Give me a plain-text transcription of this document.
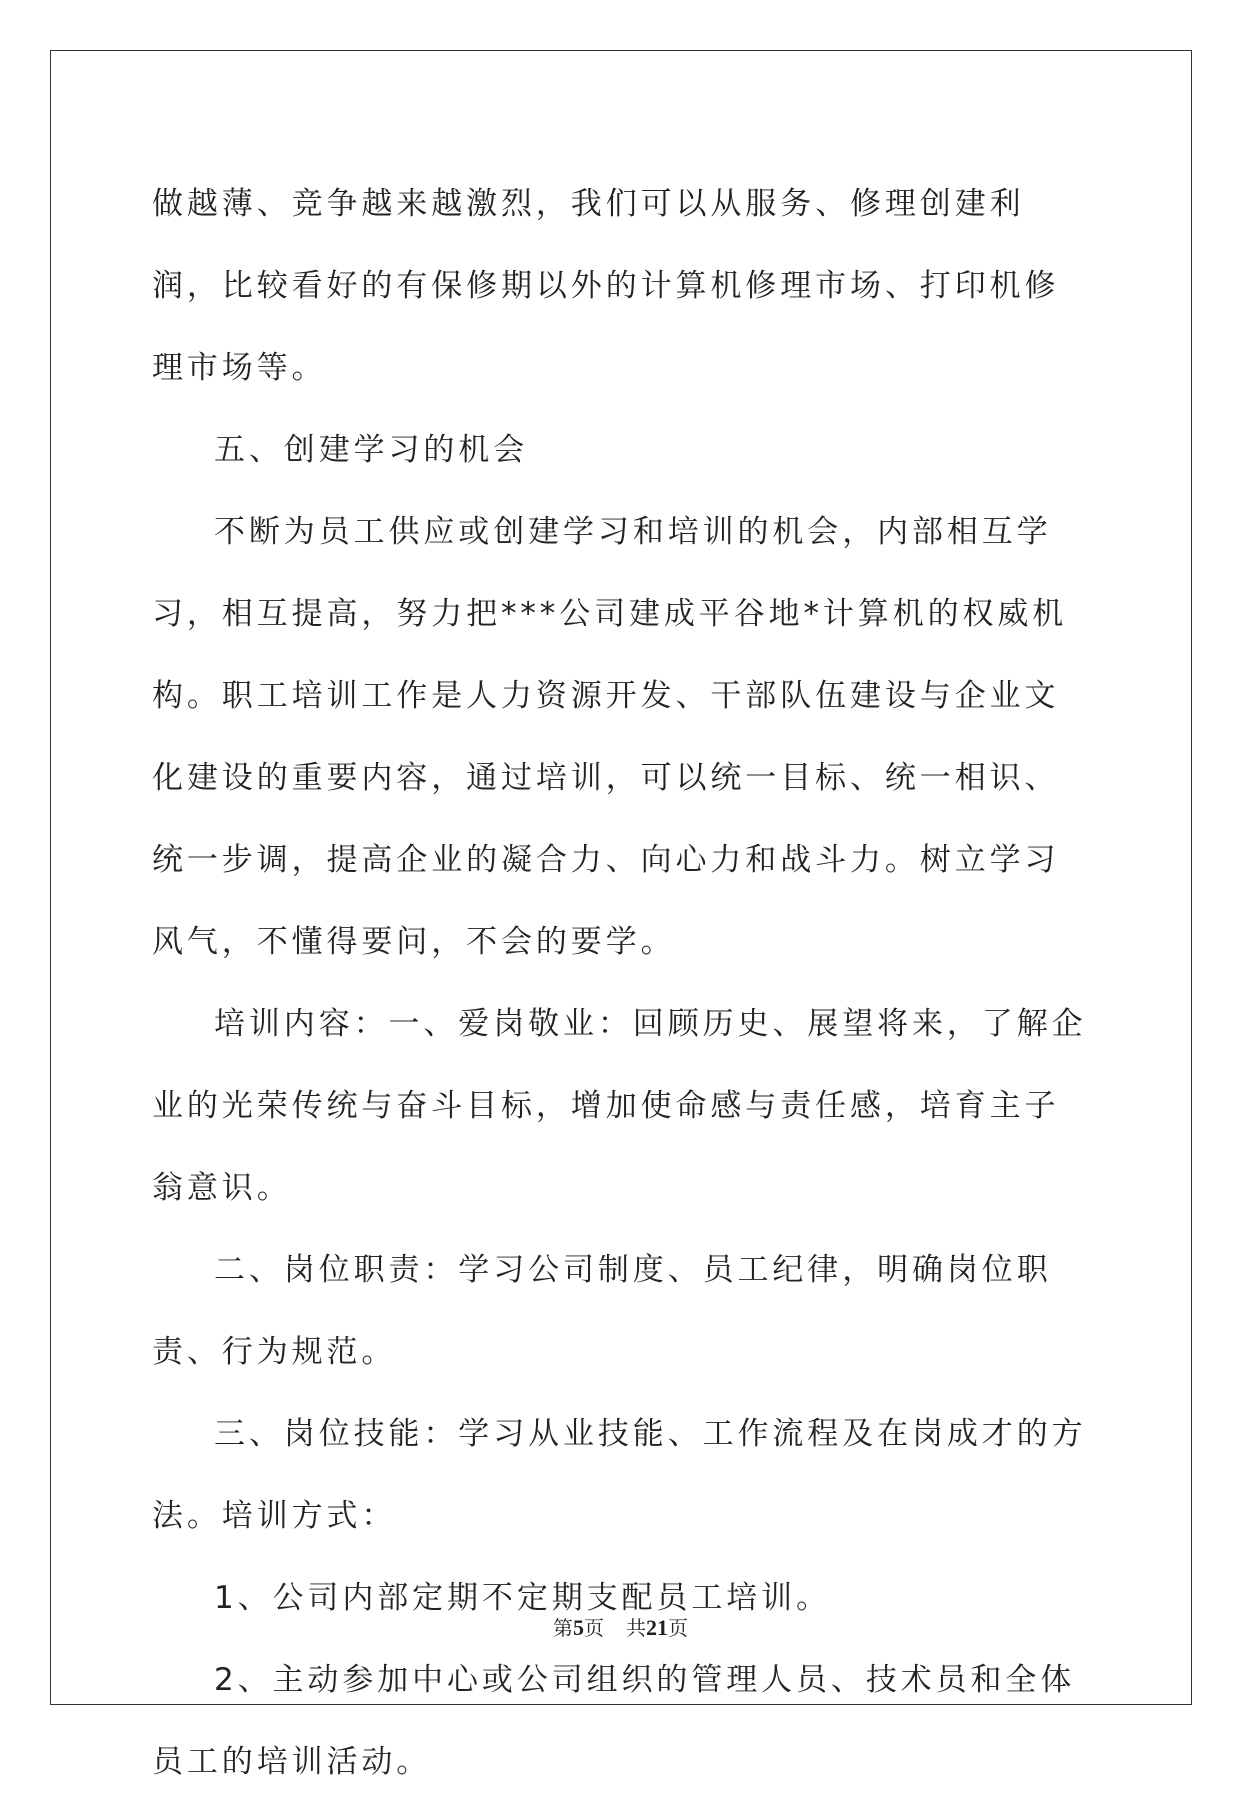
做越薄、竞争越来越激烈，我们可以从服务、修理创建利润，比较看好的有保修期以外的计算机修理市场、打印机修理市场等。

五、创建学习的机会

不断为员工供应或创建学习和培训的机会，内部相互学习，相互提高，努力把***公司建成平谷地*计算机的权威机构。职工培训工作是人力资源开发、干部队伍建设与企业文化建设的重要内容，通过培训，可以统一目标、统一相识、统一步调，提高企业的凝合力、向心力和战斗力。树立学习风气，不懂得要问，不会的要学。

培训内容：一、爱岗敬业：回顾历史、展望将来，了解企业的光荣传统与奋斗目标，增加使命感与责任感，培育主子翁意识。

二、岗位职责：学习公司制度、员工纪律，明确岗位职责、行为规范。

三、岗位技能：学习从业技能、工作流程及在岗成才的方法。培训方式：

1、公司内部定期不定期支配员工培训。

2、主动参加中心或公司组织的管理人员、技术员和全体员工的培训活动。

第5页 共21页
